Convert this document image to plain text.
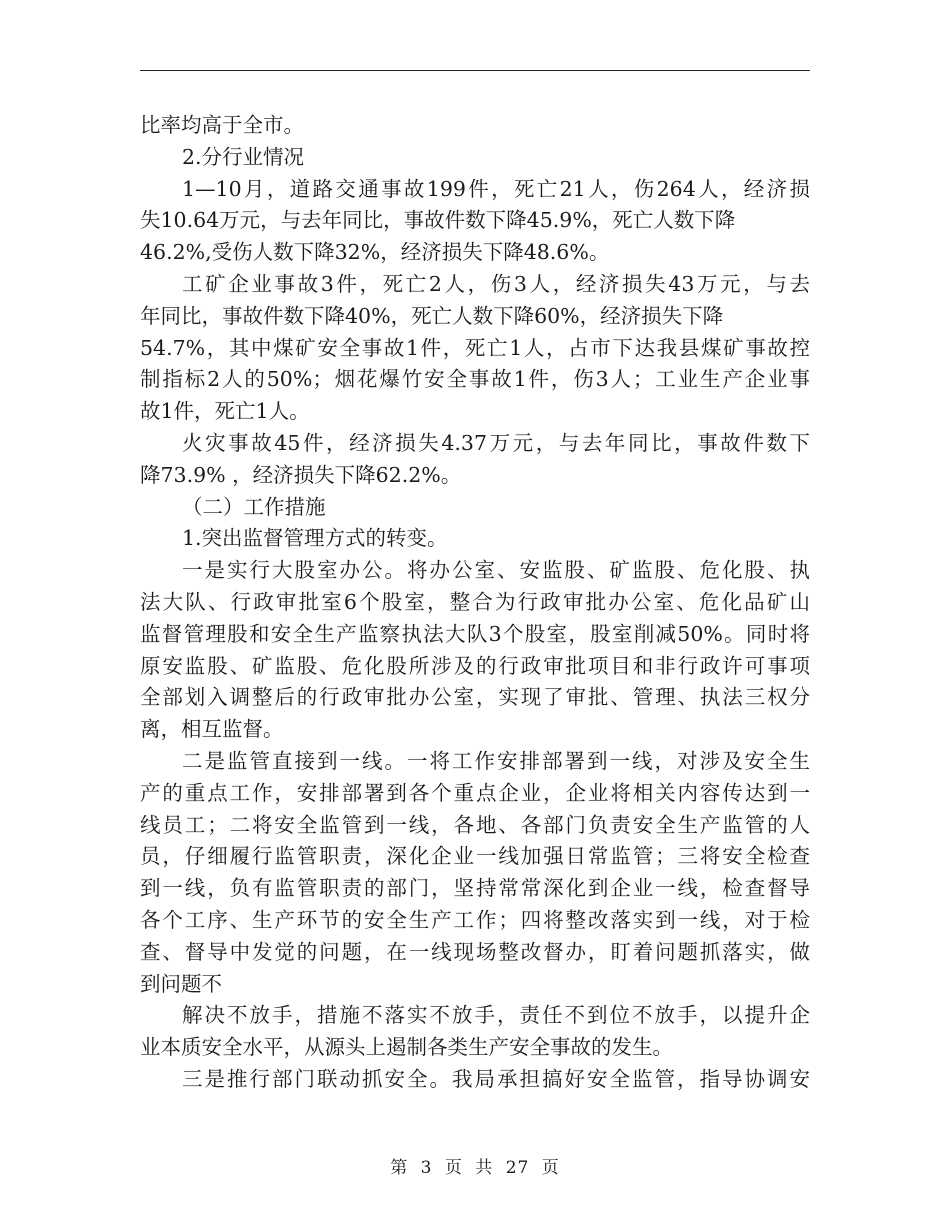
比率均高于全市。
2.分行业情况
1—10月，道路交通事故199件，死亡21人，伤264人，经济损
失10.64万元，与去年同比，事故件数下降45.9%，死亡人数下降
46.2%,受伤人数下降32%，经济损失下降48.6%。
工矿企业事故3件，死亡2人，伤3人，经济损失43万元，与去
年同比，事故件数下降40%，死亡人数下降60%，经济损失下降
54.7%，其中煤矿安全事故1件，死亡1人，占市下达我县煤矿事故控
制指标2人的50%；烟花爆竹安全事故1件，伤3人；工业生产企业事
故1件，死亡1人。
火灾事故45件，经济损失4.37万元，与去年同比，事故件数下
降73.9% ，经济损失下降62.2%。
（二）工作措施
1.突出监督管理方式的转变。
一是实行大股室办公。将办公室、安监股、矿监股、危化股、执
法大队、行政审批室6个股室，整合为行政审批办公室、危化品矿山
监督管理股和安全生产监察执法大队3个股室，股室削减50%。同时将
原安监股、矿监股、危化股所涉及的行政审批项目和非行政许可事项
全部划入调整后的行政审批办公室，实现了审批、管理、执法三权分
离，相互监督。
二是监管直接到一线。一将工作安排部署到一线，对涉及安全生
产的重点工作，安排部署到各个重点企业，企业将相关内容传达到一
线员工；二将安全监管到一线，各地、各部门负责安全生产监管的人
员，仔细履行监管职责，深化企业一线加强日常监管；三将安全检查
到一线，负有监管职责的部门，坚持常常深化到企业一线，检查督导
各个工序、生产环节的安全生产工作；四将整改落实到一线，对于检
查、督导中发觉的问题，在一线现场整改督办，盯着问题抓落实，做
到问题不
解决不放手，措施不落实不放手，责任不到位不放手，以提升企
业本质安全水平，从源头上遏制各类生产安全事故的发生。
三是推行部门联动抓安全。我局承担搞好安全监管，指导协调安
第 3 页 共 27 页
